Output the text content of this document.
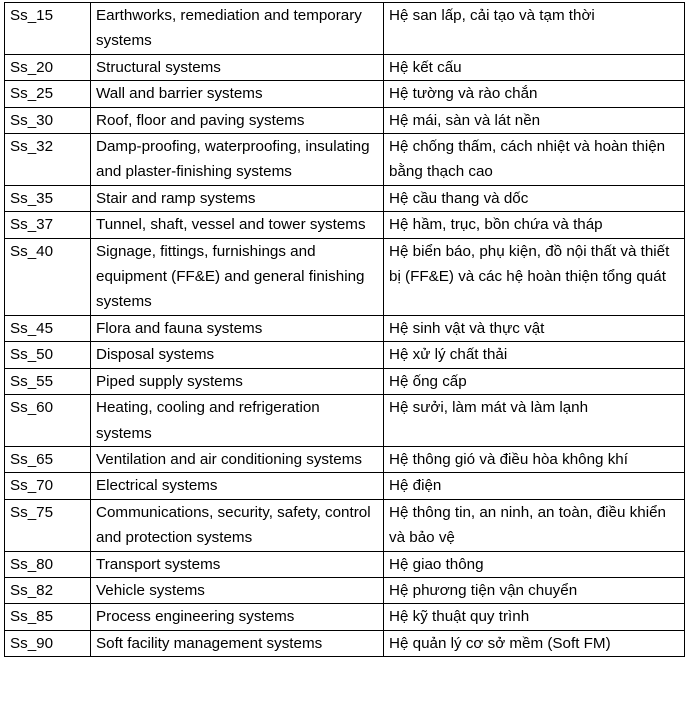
Ss_15	Earthworks, remediation and temporary systems	Hệ san lấp, cải tạo và tạm thời
Ss_20	Structural systems	Hệ kết cấu
Ss_25	Wall and barrier systems	Hệ tường và rào chắn
Ss_30	Roof, floor and paving systems	Hệ mái, sàn và lát nền
Ss_32	Damp-proofing, waterproofing, insulating and plaster-finishing systems	Hệ chống thấm, cách nhiệt và hoàn thiện bằng thạch cao
Ss_35	Stair and ramp systems	Hệ cầu thang và dốc
Ss_37	Tunnel, shaft, vessel and tower systems	Hệ hầm, trục, bồn chứa và tháp
Ss_40	Signage, fittings, furnishings and equipment (FF&E) and general finishing systems	Hệ biển báo, phụ kiện, đồ nội thất và thiết bị (FF&E) và các hệ hoàn thiện tổng quát
Ss_45	Flora and fauna systems	Hệ sinh vật và thực vật
Ss_50	Disposal systems	Hệ xử lý chất thải
Ss_55	Piped supply systems	Hệ ống cấp
Ss_60	Heating, cooling and refrigeration systems	Hệ sưởi, làm mát và làm lạnh
Ss_65	Ventilation and air conditioning systems	Hệ thông gió và điều hòa không khí
Ss_70	Electrical systems	Hệ điện
Ss_75	Communications, security, safety, control and protection systems	Hệ thông tin, an ninh, an toàn, điều khiển và bảo vệ
Ss_80	Transport systems	Hệ giao thông
Ss_82	Vehicle systems	Hệ phương tiện vận chuyển
Ss_85	Process engineering systems	Hệ kỹ thuật quy trình
Ss_90	Soft facility management systems	Hệ quản lý cơ sở mềm (Soft FM)
